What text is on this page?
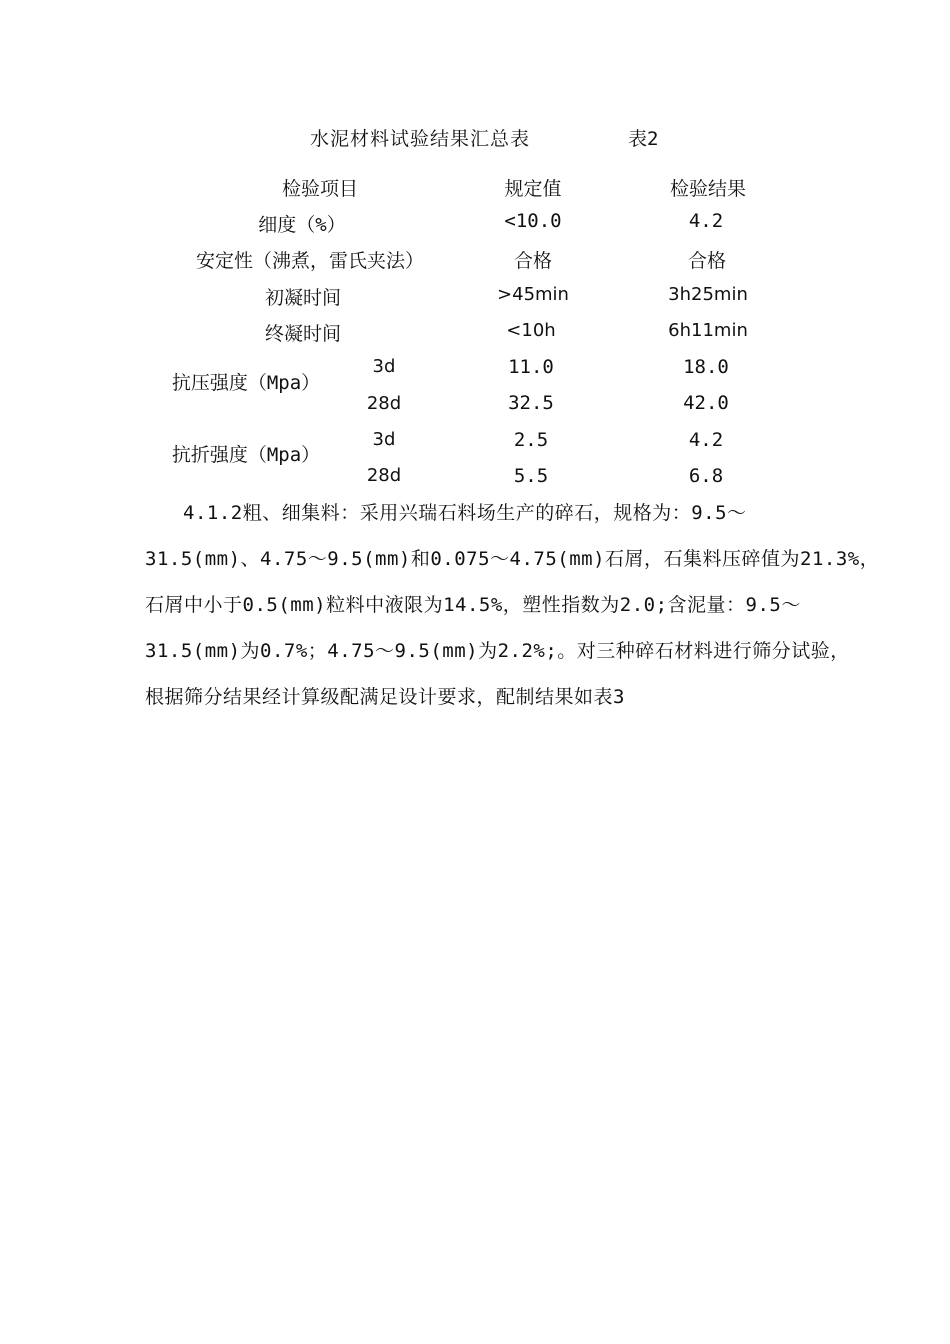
水泥材料试验结果汇总表	表2
检验项目	规定值	检验结果
细度（%）	<10.0	4.2
安定性（沸煮，雷氏夹法）	合格	合格
初凝时间	>45min	3h25min
终凝时间	<10h	6h11min
抗压强度（Mpa）
3d	11.0	18.0
28d	32.5	42.0
抗折强度（Mpa）
3d	2.5	4.2
28d	5.5	6.8
4.1.2粗、细集料：采用兴瑞石料场生产的碎石，规格为：9.5～
31.5(mm)、4.75～9.5(mm)和0.075～4.75(mm)石屑，石集料压碎值为21.3%，
石屑中小于0.5(mm)粒料中液限为14.5%，塑性指数为2.0;含泥量：9.5～
31.5(mm)为0.7%；4.75～9.5(mm)为2.2%;。对三种碎石材料进行筛分试验，
根据筛分结果经计算级配满足设计要求，配制结果如表3
